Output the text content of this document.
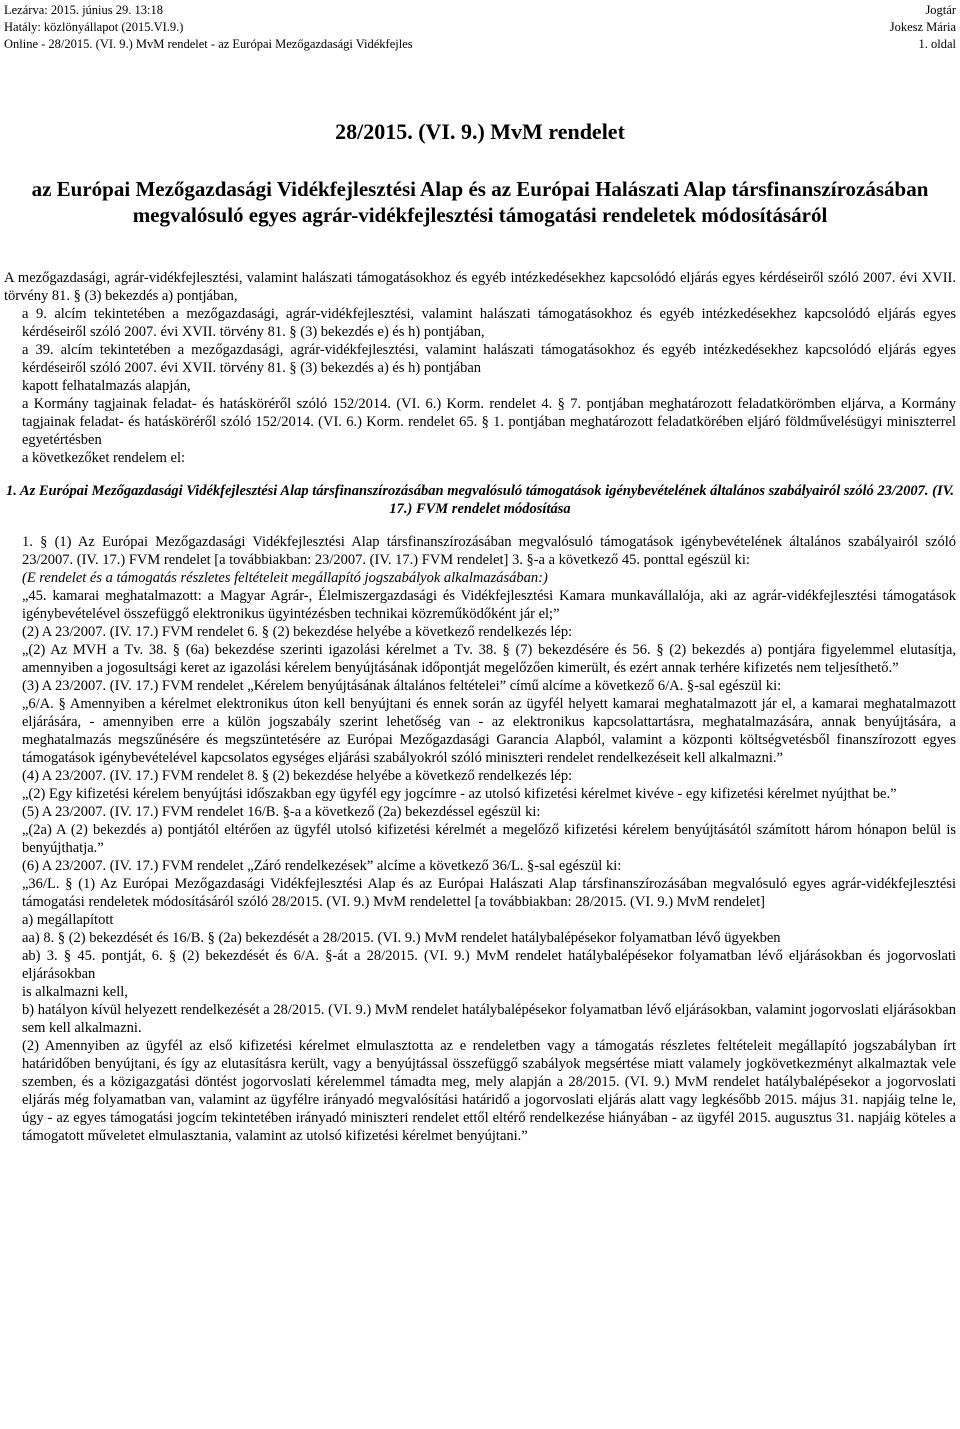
Lezárva: 2015. június 29. 13:18
Hatály: közlönyállapot (2015.VI.9.)
Online - 28/2015. (VI. 9.) MvM rendelet - az Európai Mezőgazdasági Vidékfejles
Jogtár
Jokesz Mária
1. oldal
28/2015. (VI. 9.) MvM rendelet
az Európai Mezőgazdasági Vidékfejlesztési Alap és az Európai Halászati Alap társfinanszírozásában megvalósuló egyes agrár-vidékfejlesztési támogatási rendeletek módosításáról

A mezőgazdasági, agrár-vidékfejlesztési, valamint halászati támogatásokhoz és egyéb intézkedésekhez kapcsolódó eljárás egyes kérdéseiről szóló 2007. évi XVII. törvény 81. § (3) bekezdés a) pontjában,

a 9. alcím tekintetében a mezőgazdasági, agrár-vidékfejlesztési, valamint halászati támogatásokhoz és egyéb intézkedésekhez kapcsolódó eljárás egyes kérdéseiről szóló 2007. évi XVII. törvény 81. § (3) bekezdés e) és h) pontjában,

a 39. alcím tekintetében a mezőgazdasági, agrár-vidékfejlesztési, valamint halászati támogatásokhoz és egyéb intézkedésekhez kapcsolódó eljárás egyes kérdéseiről szóló 2007. évi XVII. törvény 81. § (3) bekezdés a) és h) pontjában

kapott felhatalmazás alapján,

a Kormány tagjainak feladat- és hatásköréről szóló 152/2014. (VI. 6.) Korm. rendelet 4. § 7. pontjában meghatározott feladatkörömben eljárva, a Kormány tagjainak feladat- és hatásköréről szóló 152/2014. (VI. 6.) Korm. rendelet 65. § 1. pontjában meghatározott feladatkörében eljáró földművelésügyi miniszterrel egyetértésben

a következőket rendelem el:

1. Az Európai Mezőgazdasági Vidékfejlesztési Alap társfinanszírozásában megvalósuló támogatások igénybevételének általános szabályairól szóló 23/2007. (IV. 17.) FVM rendelet módosítása

1. § (1) Az Európai Mezőgazdasági Vidékfejlesztési Alap társfinanszírozásában megvalósuló támogatások igénybevételének általános szabályairól szóló 23/2007. (IV. 17.) FVM rendelet [a továbbiakban: 23/2007. (IV. 17.) FVM rendelet] 3. §-a a következő 45. ponttal egészül ki:

(E rendelet és a támogatás részletes feltételeit megállapító jogszabályok alkalmazásában:)

„45. kamarai meghatalmazott: a Magyar Agrár-, Élelmiszergazdasági és Vidékfejlesztési Kamara munkavállalója, aki az agrár-vidékfejlesztési támogatások igénybevételével összefüggő elektronikus ügyintézésben technikai közreműködőként jár el;”

(2) A 23/2007. (IV. 17.) FVM rendelet 6. § (2) bekezdése helyébe a következő rendelkezés lép:

„(2) Az MVH a Tv. 38. § (6a) bekezdése szerinti igazolási kérelmet a Tv. 38. § (7) bekezdésére és 56. § (2) bekezdés a) pontjára figyelemmel elutasítja, amennyiben a jogosultsági keret az igazolási kérelem benyújtásának időpontját megelőzően kimerült, és ezért annak terhére kifizetés nem teljesíthető.”

(3) A 23/2007. (IV. 17.) FVM rendelet „Kérelem benyújtásának általános feltételei” című alcíme a következő 6/A. §-sal egészül ki:

„6/A. § Amennyiben a kérelmet elektronikus úton kell benyújtani és ennek során az ügyfél helyett kamarai meghatalmazott jár el, a kamarai meghatalmazott eljárására, - amennyiben erre a külön jogszabály szerint lehetőség van - az elektronikus kapcsolattartásra, meghatalmazására, annak benyújtására, a meghatalmazás megszűnésére és megszüntetésére az Európai Mezőgazdasági Garancia Alapból, valamint a központi költségvetésből finanszírozott egyes támogatások igénybevételével kapcsolatos egységes eljárási szabályokról szóló miniszteri rendelet rendelkezéseit kell alkalmazni.”

(4) A 23/2007. (IV. 17.) FVM rendelet 8. § (2) bekezdése helyébe a következő rendelkezés lép:

„(2) Egy kifizetési kérelem benyújtási időszakban egy ügyfél egy jogcímre - az utolsó kifizetési kérelmet kivéve - egy kifizetési kérelmet nyújthat be.”

(5) A 23/2007. (IV. 17.) FVM rendelet 16/B. §-a a következő (2a) bekezdéssel egészül ki:

„(2a) A (2) bekezdés a) pontjától eltérően az ügyfél utolsó kifizetési kérelmét a megelőző kifizetési kérelem benyújtásától számított három hónapon belül is benyújthatja.”

(6) A 23/2007. (IV. 17.) FVM rendelet „Záró rendelkezések” alcíme a következő 36/L. §-sal egészül ki:

„36/L. § (1) Az Európai Mezőgazdasági Vidékfejlesztési Alap és az Európai Halászati Alap társfinanszírozásában megvalósuló egyes agrár-vidékfejlesztési támogatási rendeletek módosításáról szóló 28/2015. (VI. 9.) MvM rendelettel [a továbbiakban: 28/2015. (VI. 9.) MvM rendelet]

a) megállapított

aa) 8. § (2) bekezdését és 16/B. § (2a) bekezdését a 28/2015. (VI. 9.) MvM rendelet hatálybalépésekor folyamatban lévő ügyekben

ab) 3. § 45. pontját, 6. § (2) bekezdését és 6/A. §-át a 28/2015. (VI. 9.) MvM rendelet hatálybalépésekor folyamatban lévő eljárásokban és jogorvoslati eljárásokban

is alkalmazni kell,

b) hatályon kívül helyezett rendelkezését a 28/2015. (VI. 9.) MvM rendelet hatálybalépésekor folyamatban lévő eljárásokban, valamint jogorvoslati eljárásokban sem kell alkalmazni.

(2) Amennyiben az ügyfél az első kifizetési kérelmet elmulasztotta az e rendeletben vagy a támogatás részletes feltételeit megállapító jogszabályban írt határidőben benyújtani, és így az elutasításra került, vagy a benyújtással összefüggő szabályok megsértése miatt valamely jogkövetkezményt alkalmaztak vele szemben, és a közigazgatási döntést jogorvoslati kérelemmel támadta meg, mely alapján a 28/2015. (VI. 9.) MvM rendelet hatálybalépésekor a jogorvoslati eljárás még folyamatban van, valamint az ügyfélre irányadó megvalósítási határidő a jogorvoslati eljárás alatt vagy legkésőbb 2015. május 31. napjáig telne le, úgy - az egyes támogatási jogcím tekintetében irányadó miniszteri rendelet ettől eltérő rendelkezése hiányában - az ügyfél 2015. augusztus 31. napjáig köteles a támogatott műveletet elmulasztania, valamint az utolsó kifizetési kérelmet benyújtani.”
